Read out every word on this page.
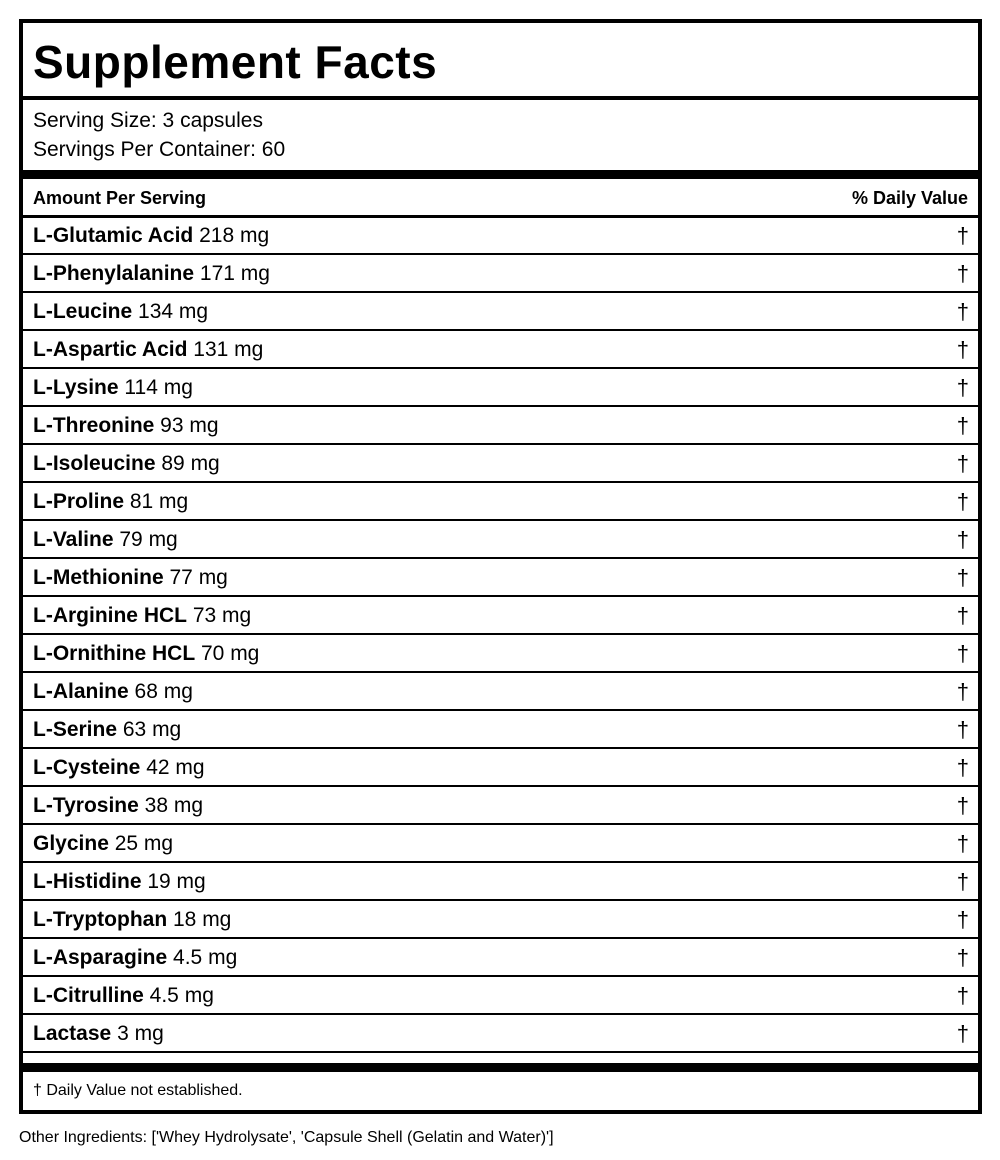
Supplement Facts
Serving Size: 3 capsules
Servings Per Container: 60
Amount Per Serving	% Daily Value
L-Glutamic Acid 218 mg	†
L-Phenylalanine 171 mg	†
L-Leucine 134 mg	†
L-Aspartic Acid 131 mg	†
L-Lysine 114 mg	†
L-Threonine 93 mg	†
L-Isoleucine 89 mg	†
L-Proline 81 mg	†
L-Valine 79 mg	†
L-Methionine 77 mg	†
L-Arginine HCL 73 mg	†
L-Ornithine HCL 70 mg	†
L-Alanine 68 mg	†
L-Serine 63 mg	†
L-Cysteine 42 mg	†
L-Tyrosine 38 mg	†
Glycine 25 mg	†
L-Histidine 19 mg	†
L-Tryptophan 18 mg	†
L-Asparagine 4.5 mg	†
L-Citrulline 4.5 mg	†
Lactase 3 mg	†
† Daily Value not established.
Other Ingredients: ['Whey Hydrolysate', 'Capsule Shell (Gelatin and Water)']
